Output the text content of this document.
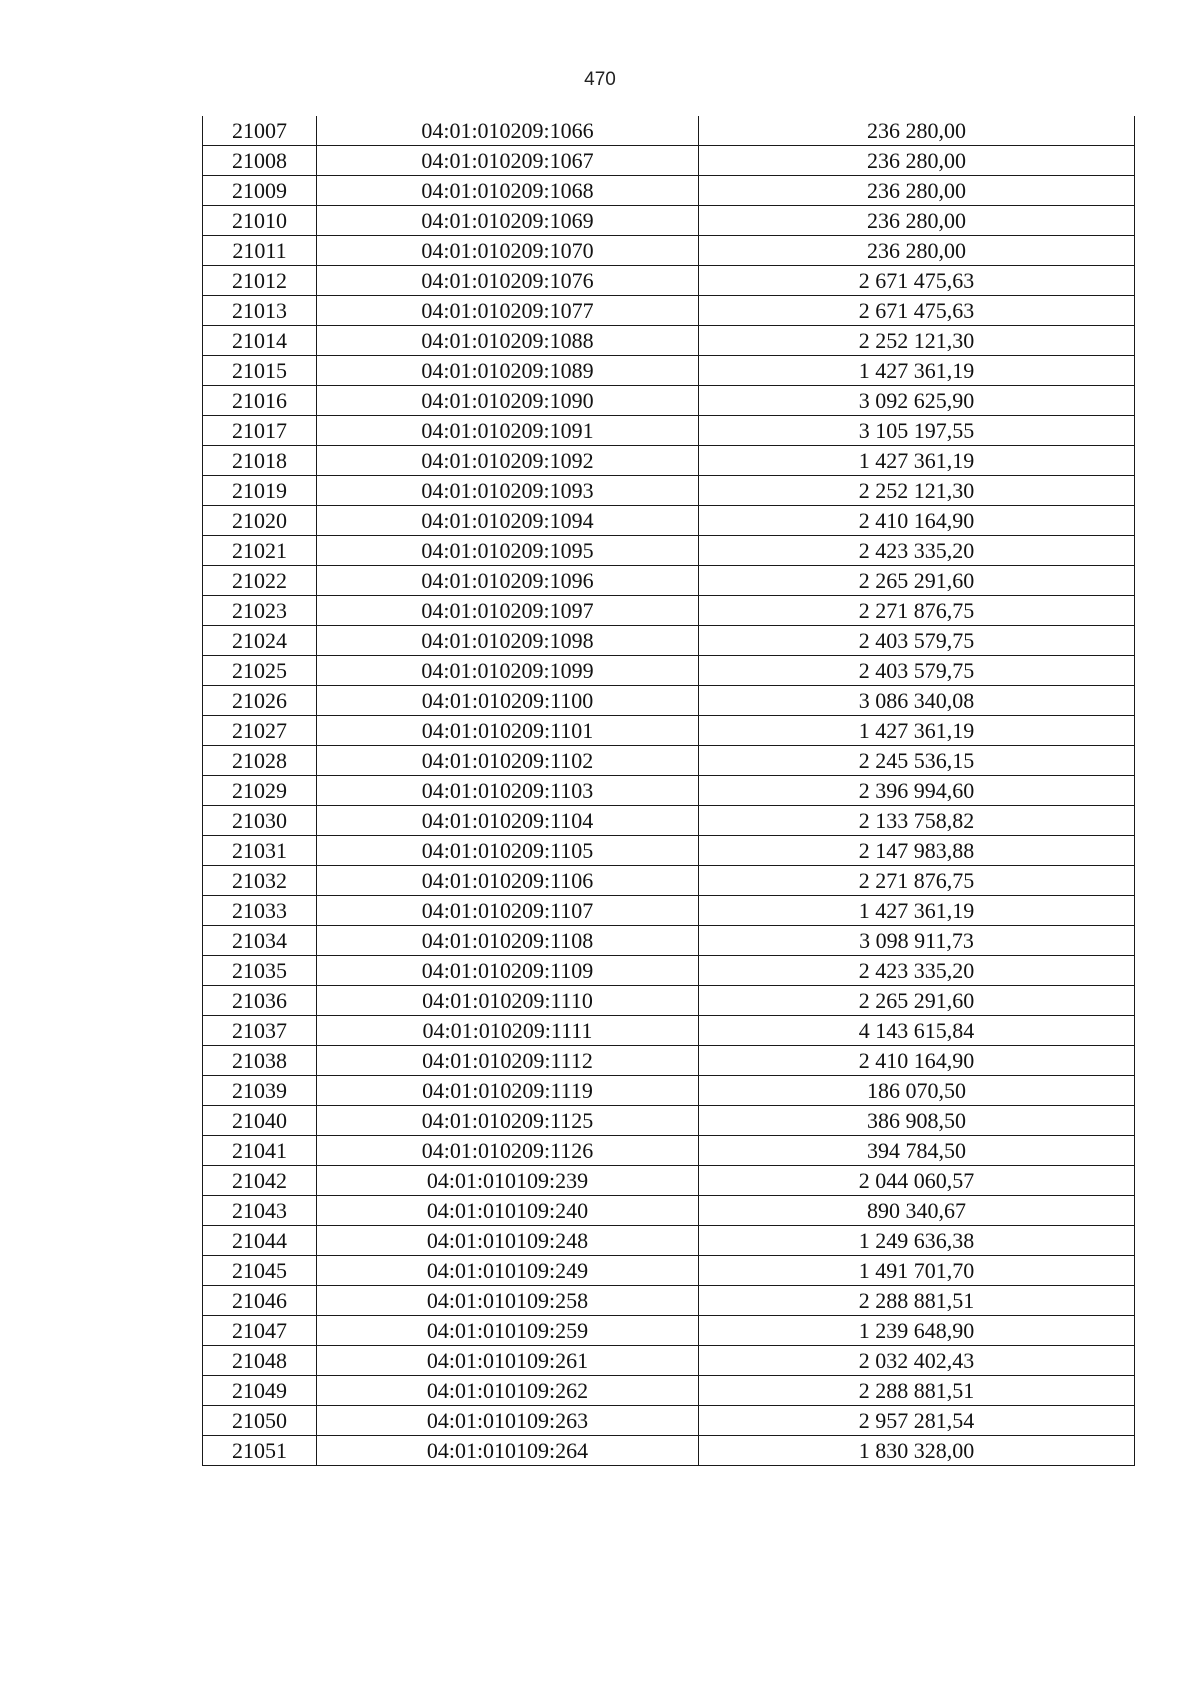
470
21007	04:01:010209:1066	236 280,00
21008	04:01:010209:1067	236 280,00
21009	04:01:010209:1068	236 280,00
21010	04:01:010209:1069	236 280,00
21011	04:01:010209:1070	236 280,00
21012	04:01:010209:1076	2 671 475,63
21013	04:01:010209:1077	2 671 475,63
21014	04:01:010209:1088	2 252 121,30
21015	04:01:010209:1089	1 427 361,19
21016	04:01:010209:1090	3 092 625,90
21017	04:01:010209:1091	3 105 197,55
21018	04:01:010209:1092	1 427 361,19
21019	04:01:010209:1093	2 252 121,30
21020	04:01:010209:1094	2 410 164,90
21021	04:01:010209:1095	2 423 335,20
21022	04:01:010209:1096	2 265 291,60
21023	04:01:010209:1097	2 271 876,75
21024	04:01:010209:1098	2 403 579,75
21025	04:01:010209:1099	2 403 579,75
21026	04:01:010209:1100	3 086 340,08
21027	04:01:010209:1101	1 427 361,19
21028	04:01:010209:1102	2 245 536,15
21029	04:01:010209:1103	2 396 994,60
21030	04:01:010209:1104	2 133 758,82
21031	04:01:010209:1105	2 147 983,88
21032	04:01:010209:1106	2 271 876,75
21033	04:01:010209:1107	1 427 361,19
21034	04:01:010209:1108	3 098 911,73
21035	04:01:010209:1109	2 423 335,20
21036	04:01:010209:1110	2 265 291,60
21037	04:01:010209:1111	4 143 615,84
21038	04:01:010209:1112	2 410 164,90
21039	04:01:010209:1119	186 070,50
21040	04:01:010209:1125	386 908,50
21041	04:01:010209:1126	394 784,50
21042	04:01:010109:239	2 044 060,57
21043	04:01:010109:240	890 340,67
21044	04:01:010109:248	1 249 636,38
21045	04:01:010109:249	1 491 701,70
21046	04:01:010109:258	2 288 881,51
21047	04:01:010109:259	1 239 648,90
21048	04:01:010109:261	2 032 402,43
21049	04:01:010109:262	2 288 881,51
21050	04:01:010109:263	2 957 281,54
21051	04:01:010109:264	1 830 328,00
